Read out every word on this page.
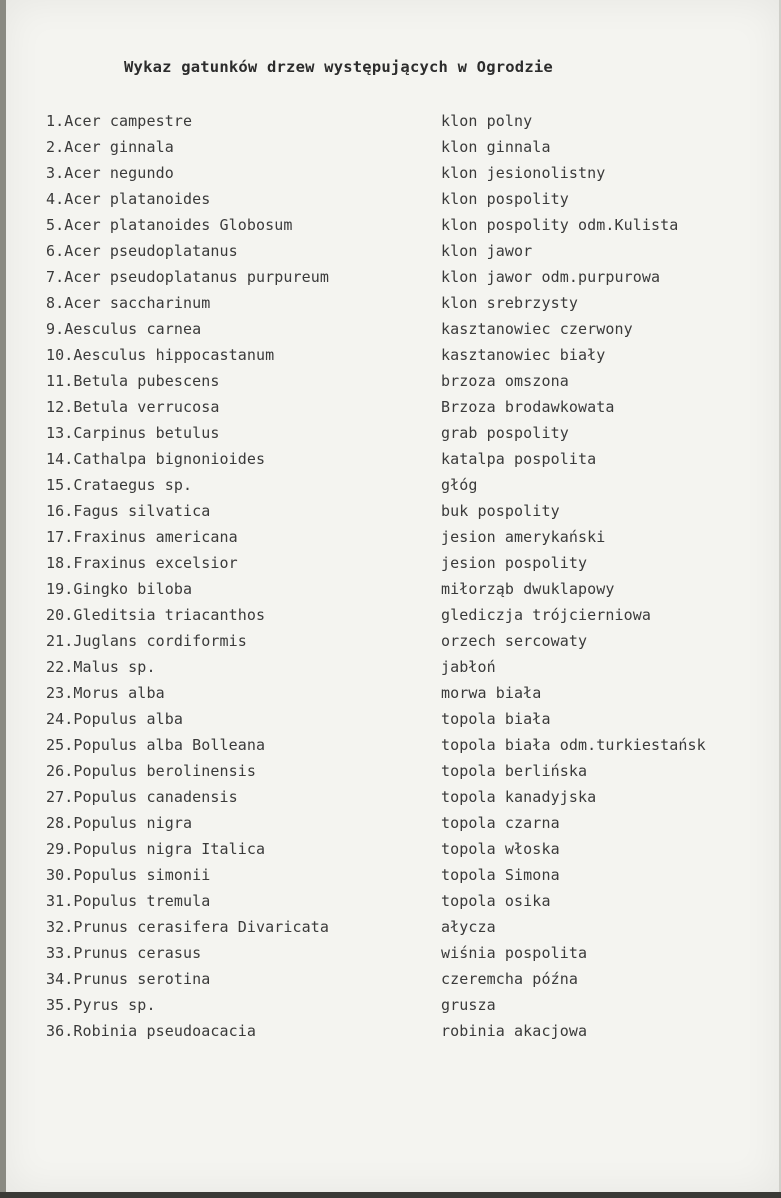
Wykaz gatunków drzew występujących w Ogrodzie
1.Acer campestre	klon polny
2.Acer ginnala	klon ginnala
3.Acer negundo	klon jesionolistny
4.Acer platanoides	klon pospolity
5.Acer platanoides Globosum	klon pospolity odm.Kulista
6.Acer pseudoplatanus	klon jawor
7.Acer pseudoplatanus purpureum	klon jawor odm.purpurowa
8.Acer saccharinum	klon srebrzysty
9.Aesculus carnea	kasztanowiec czerwony
10.Aesculus hippocastanum	kasztanowiec biały
11.Betula pubescens	brzoza omszona
12.Betula verrucosa	Brzoza brodawkowata
13.Carpinus betulus	grab pospolity
14.Cathalpa bignonioides	katalpa pospolita
15.Crataegus sp.	głóg
16.Fagus silvatica	buk pospolity
17.Fraxinus americana	jesion amerykański
18.Fraxinus excelsior	jesion pospolity
19.Gingko biloba	miłorząb dwuklapowy
20.Gleditsia triacanthos	glediczja trójcierniowa
21.Juglans cordiformis	orzech sercowaty
22.Malus sp.	jabłoń
23.Morus alba	morwa biała
24.Populus alba	topola biała
25.Populus alba Bolleana	topola biała odm.turkiestańsk
26.Populus berolinensis	topola berlińska
27.Populus canadensis	topola kanadyjska
28.Populus nigra	topola czarna
29.Populus nigra Italica	topola włoska
30.Populus simonii	topola Simona
31.Populus tremula	topola osika
32.Prunus cerasifera Divaricata	ałycza
33.Prunus cerasus	wiśnia pospolita
34.Prunus serotina	czeremcha późna
35.Pyrus sp.	grusza
36.Robinia pseudoacacia	robinia akacjowa
